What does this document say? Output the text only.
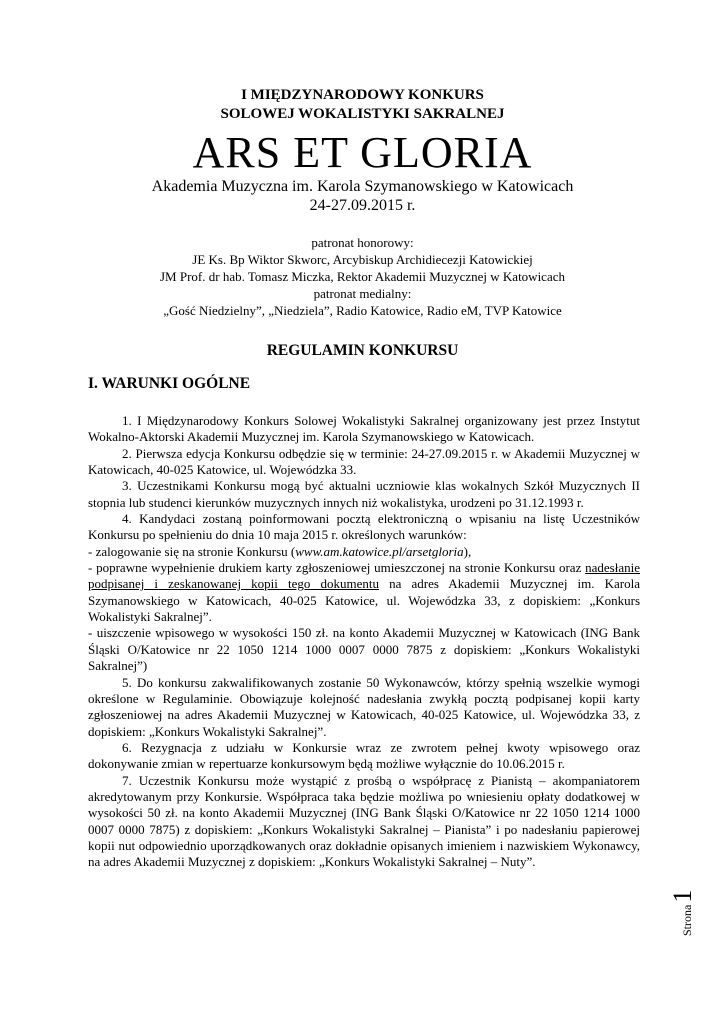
I MIĘDZYNARODOWY KONKURS
SOLOWEJ WOKALISTYKI SAKRALNEJ
ARS ET GLORIA
Akademia Muzyczna im. Karola Szymanowskiego w Katowicach
24-27.09.2015 r.
patronat honorowy:
JE Ks. Bp Wiktor Skworc, Arcybiskup Archidiecezji Katowickiej
JM Prof. dr hab. Tomasz Miczka, Rektor Akademii Muzycznej w Katowicach
patronat medialny:
„Gość Niedzielny”, „Niedziela”, Radio Katowice, Radio eM, TVP Katowice
REGULAMIN KONKURSU
I. WARUNKI OGÓLNE

1. I Międzynarodowy Konkurs Solowej Wokalistyki Sakralnej organizowany jest przez Instytut Wokalno-Aktorski Akademii Muzycznej im. Karola Szymanowskiego w Katowicach.

2. Pierwsza edycja Konkursu odbędzie się w terminie: 24-27.09.2015 r. w Akademii Muzycznej w Katowicach, 40-025 Katowice, ul. Wojewódzka 33.

3. Uczestnikami Konkursu mogą być aktualni uczniowie klas wokalnych Szkół Muzycznych II stopnia lub studenci kierunków muzycznych innych niż wokalistyka, urodzeni po 31.12.1993 r.

4. Kandydaci zostaną poinformowani pocztą elektroniczną o wpisaniu na listę Uczestników Konkursu po spełnieniu do dnia 10 maja 2015 r. określonych warunków:

- zalogowanie się na stronie Konkursu (www.am.katowice.pl/arsetgloria),

- poprawne wypełnienie drukiem karty zgłoszeniowej umieszczonej na stronie Konkursu oraz nadesłanie podpisanej i zeskanowanej kopii tego dokumentu na adres Akademii Muzycznej im. Karola Szymanowskiego w Katowicach, 40-025 Katowice, ul. Wojewódzka 33, z dopiskiem: „Konkurs Wokalistyki Sakralnej”.

- uiszczenie wpisowego w wysokości 150 zł. na konto Akademii Muzycznej w Katowicach (ING Bank Śląski O/Katowice nr 22 1050 1214 1000 0007 0000 7875 z dopiskiem: „Konkurs Wokalistyki Sakralnej”)

5. Do konkursu zakwalifikowanych zostanie 50 Wykonawców, którzy spełnią wszelkie wymogi określone w Regulaminie. Obowiązuje kolejność nadesłania zwykłą pocztą podpisanej kopii karty zgłoszeniowej na adres Akademii Muzycznej w Katowicach, 40-025 Katowice, ul. Wojewódzka 33, z dopiskiem: „Konkurs Wokalistyki Sakralnej”.

6. Rezygnacja z udziału w Konkursie wraz ze zwrotem pełnej kwoty wpisowego oraz dokonywanie zmian w repertuarze konkursowym będą możliwe wyłącznie do 10.06.2015 r.

7. Uczestnik Konkursu może wystąpić z prośbą o współpracę z Pianistą – akompaniatorem akredytowanym przy Konkursie. Współpraca taka będzie możliwa po wniesieniu opłaty dodatkowej w wysokości 50 zł. na konto Akademii Muzycznej (ING Bank Śląski O/Katowice nr 22 1050 1214 1000 0007 0000 7875) z dopiskiem: „Konkurs Wokalistyki Sakralnej – Pianista” i po nadesłaniu papierowej kopii nut odpowiednio uporządkowanych oraz dokładnie opisanych imieniem i nazwiskiem Wykonawcy, na adres Akademii Muzycznej z dopiskiem: „Konkurs Wokalistyki Sakralnej – Nuty”.

Strona1
